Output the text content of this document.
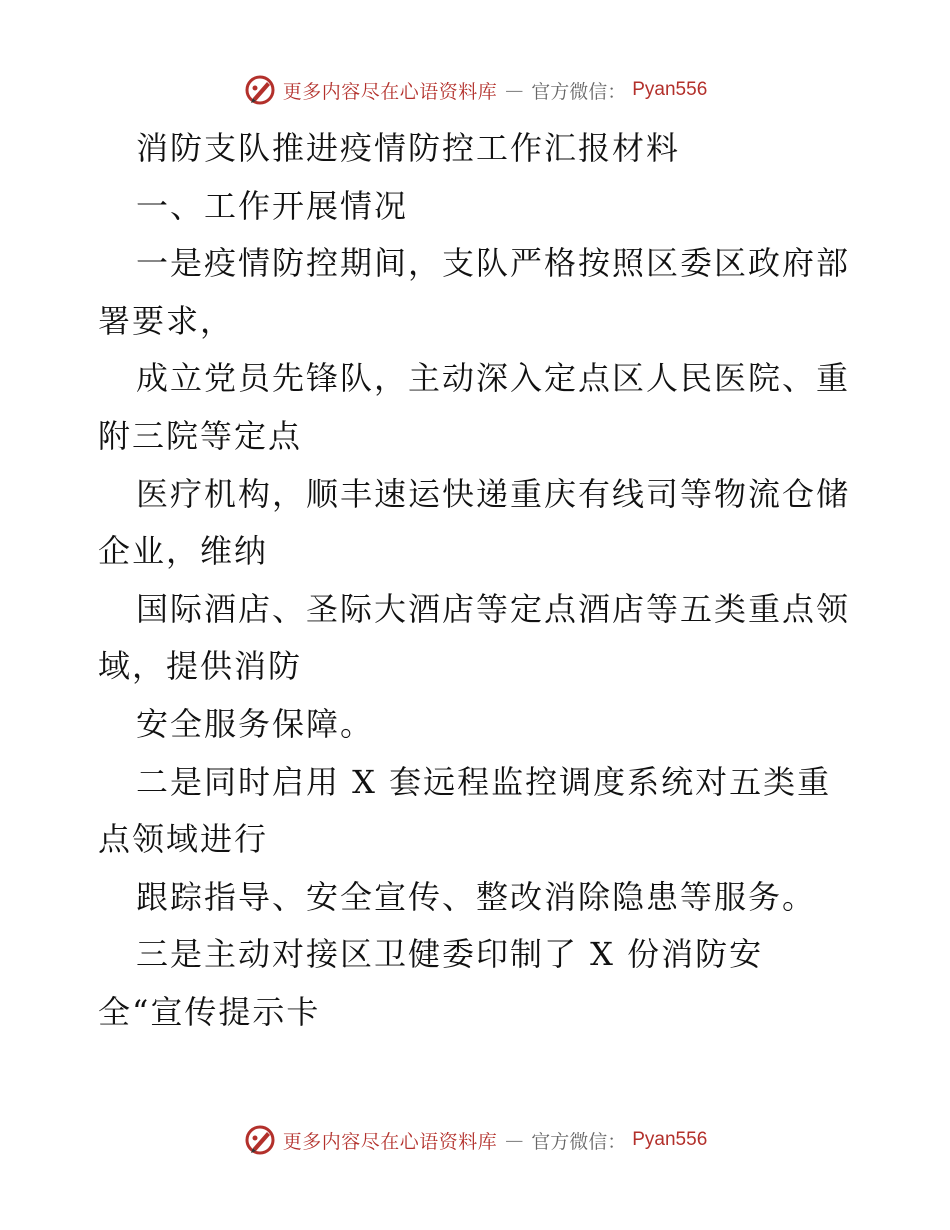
更多内容尽在心语资料库 — 官方微信： Pyan556
消防支队推进疫情防控工作汇报材料
一、工作开展情况
一是疫情防控期间，支队严格按照区委区政府部
署要求，
成立党员先锋队，主动深入定点区人民医院、重
附三院等定点
医疗机构，顺丰速运快递重庆有线司等物流仓储
企业，维纳
国际酒店、圣际大酒店等定点酒店等五类重点领
域，提供消防
安全服务保障。
二是同时启用 X 套远程监控调度系统对五类重
点领域进行
跟踪指导、安全宣传、整改消除隐患等服务。
三是主动对接区卫健委印制了 X 份消防安
全“宣传提示卡
更多内容尽在心语资料库 — 官方微信： Pyan556
